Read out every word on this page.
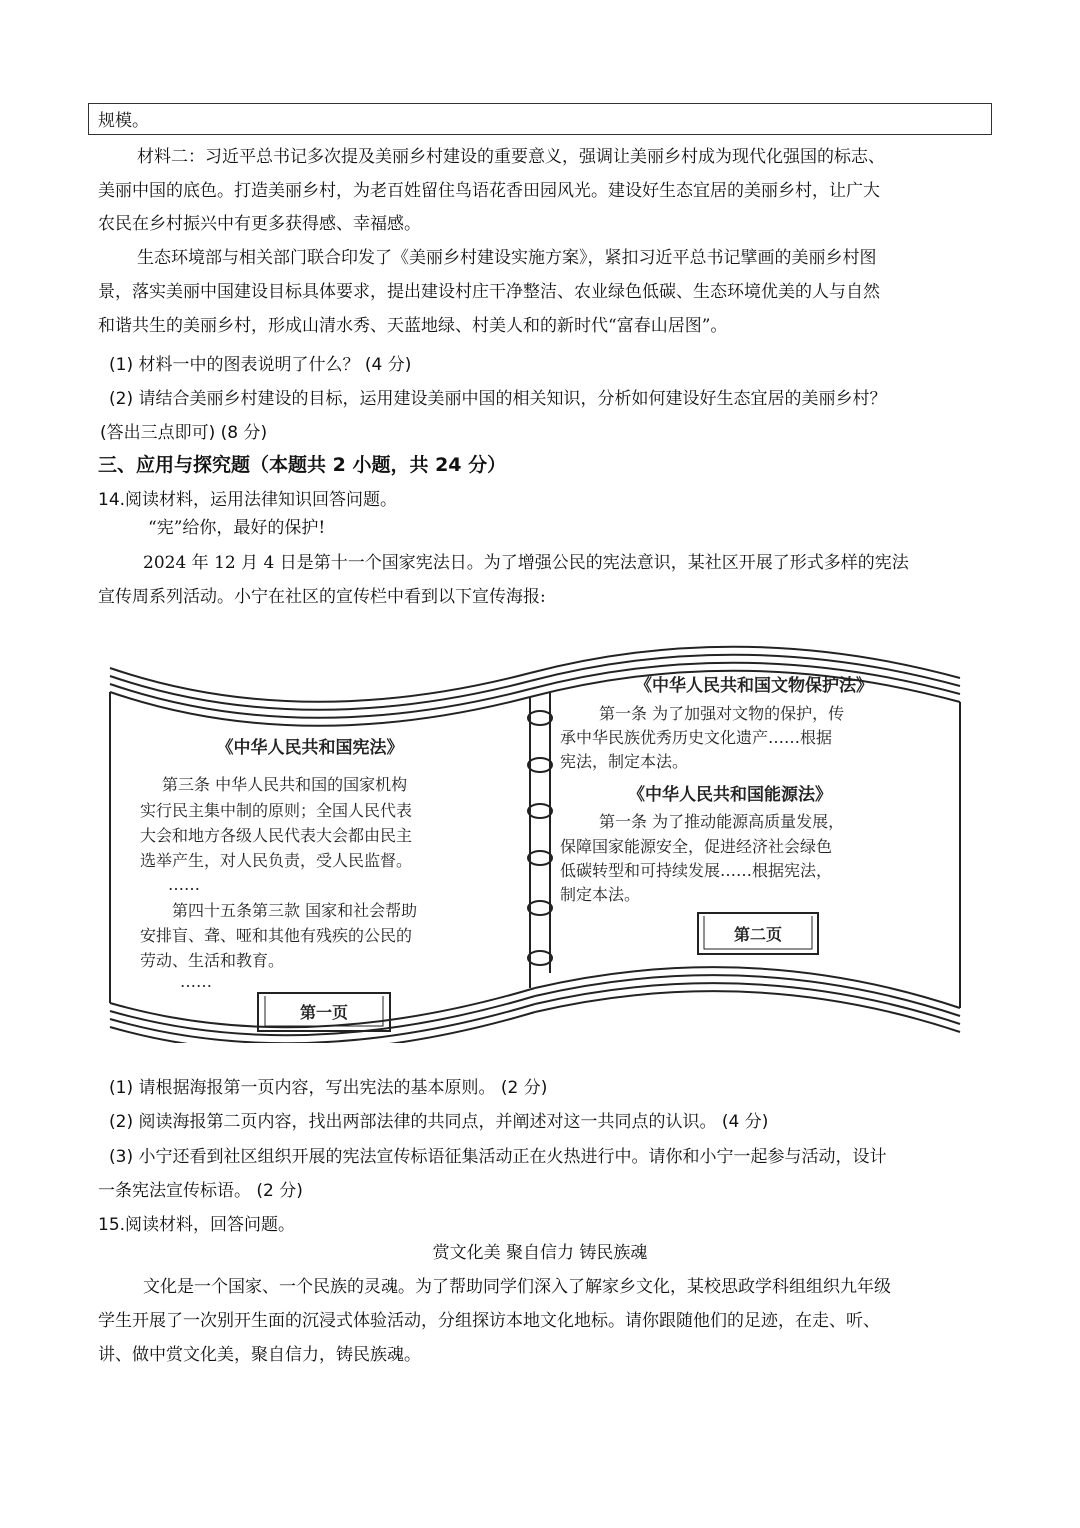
规模。
材料二：习近平总书记多次提及美丽乡村建设的重要意义，强调让美丽乡村成为现代化强国的标志、
美丽中国的底色。打造美丽乡村，为老百姓留住鸟语花香田园风光。建设好生态宜居的美丽乡村，让广大
农民在乡村振兴中有更多获得感、幸福感。
生态环境部与相关部门联合印发了《美丽乡村建设实施方案》，紧扣习近平总书记擘画的美丽乡村图
景，落实美丽中国建设目标具体要求，提出建设村庄干净整洁、农业绿色低碳、生态环境优美的人与自然
和谐共生的美丽乡村，形成山清水秀、天蓝地绿、村美人和的新时代“富春山居图”。
(1) 材料一中的图表说明了什么？ (4 分)
(2) 请结合美丽乡村建设的目标，运用建设美丽中国的相关知识，分析如何建设好生态宜居的美丽乡村？
(答出三点即可) (8 分)
三、应用与探究题（本题共 2 小题，共 24 分）
14.阅读材料，运用法律知识回答问题。
“宪”给你，最好的保护!
2024 年 12 月 4 日是第十一个国家宪法日。为了增强公民的宪法意识，某社区开展了形式多样的宪法
宣传周系列活动。小宁在社区的宣传栏中看到以下宣传海报:
《中华人民共和国宪法》
第三条 中华人民共和国的国家机构
实行民主集中制的原则；全国人民代表
大会和地方各级人民代表大会都由民主
选举产生，对人民负责，受人民监督。
……
第四十五条第三款 国家和社会帮助
安排盲、聋、哑和其他有残疾的公民的
劳动、生活和教育。
……
第一页
《中华人民共和国文物保护法》
第一条 为了加强对文物的保护，传
承中华民族优秀历史文化遗产……根据
宪法，制定本法。
《中华人民共和国能源法》
第一条 为了推动能源高质量发展，
保障国家能源安全，促进经济社会绿色
低碳转型和可持续发展……根据宪法，
制定本法。
第二页
(1) 请根据海报第一页内容，写出宪法的基本原则。 (2 分)
(2) 阅读海报第二页内容，找出两部法律的共同点，并阐述对这一共同点的认识。 (4 分)
(3) 小宁还看到社区组织开展的宪法宣传标语征集活动正在火热进行中。请你和小宁一起参与活动，设计
一条宪法宣传标语。 (2 分)
15.阅读材料，回答问题。
赏文化美 聚自信力 铸民族魂
文化是一个国家、一个民族的灵魂。为了帮助同学们深入了解家乡文化，某校思政学科组组织九年级
学生开展了一次别开生面的沉浸式体验活动，分组探访本地文化地标。请你跟随他们的足迹，在走、听、
讲、做中赏文化美，聚自信力，铸民族魂。
